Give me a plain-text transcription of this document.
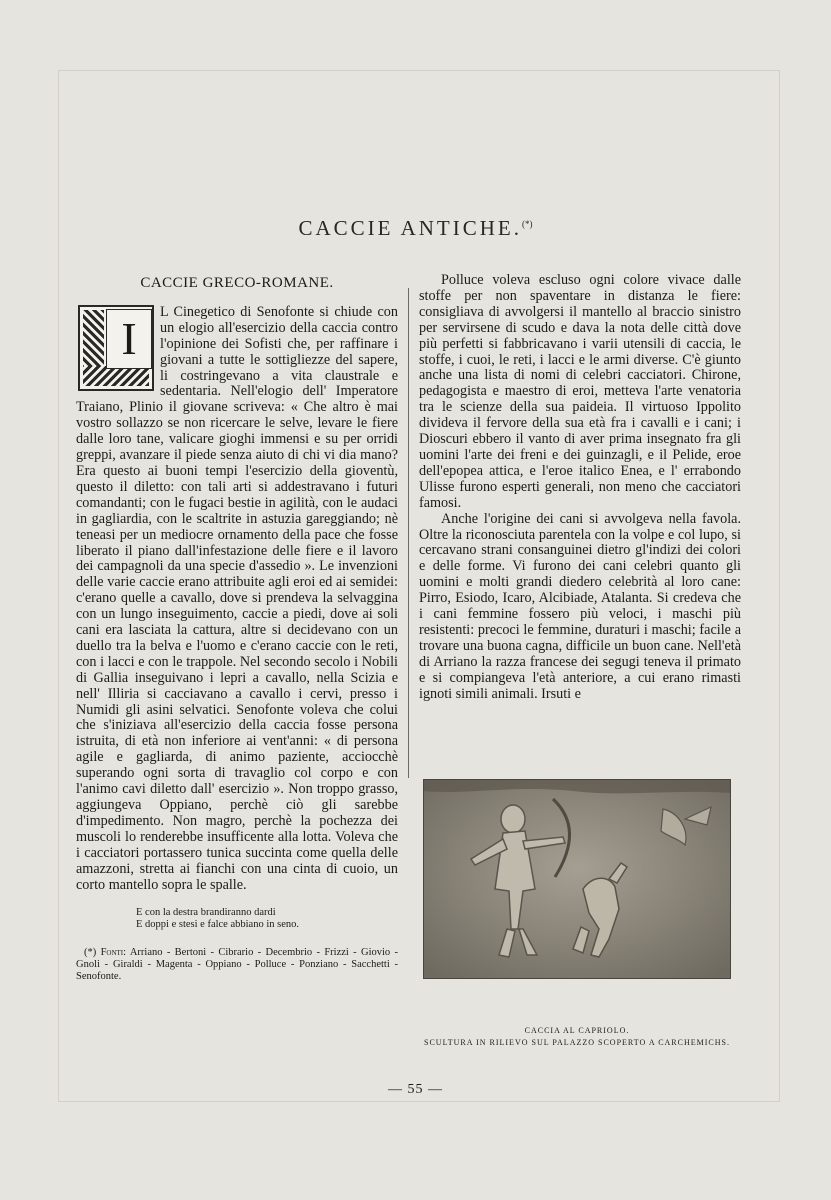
CACCIE ANTICHE.(*)
CACCIE GRECO-ROMANE.
I

L Cinegetico di Senofonte si chiude con un elogio all'esercizio della caccia contro l'opinione dei Sofisti che, per raffinare i giovani a tutte le sottigliezze del sapere, li costringevano a vita claustrale e sedentaria. Nell'elogio dell' Imperatore Traiano, Plinio il giovane scriveva: « Che altro è mai vostro sollazzo se non ricercare le selve, levare le fiere dalle loro tane, valicare gioghi immensi e su per orridi greppi, avanzare il piede senza aiuto di chi vi dia mano? Era questo ai buoni tempi l'esercizio della gioventù, questo il diletto: con tali arti si addestravano i futuri comandanti; con le fugaci bestie in agilità, con le audaci in gagliardia, con le scaltrite in astuzia gareggiando; nè teneasi per un mediocre ornamento della pace che fosse liberato il piano dall'infestazione delle fiere e il lavoro dei campagnoli da una specie d'assedio ». Le invenzioni delle varie caccie erano attribuite agli eroi ed ai semidei: c'erano quelle a cavallo, dove si prendeva la selvaggina con un lungo inseguimento, caccie a piedi, dove ai soli cani era lasciata la cattura, altre si decidevano con un duello tra la belva e l'uomo e c'erano caccie con le reti, con i lacci e con le trappole. Nel secondo secolo i Nobili di Gallia inseguivano i lepri a cavallo, nella Scizia e nell' Illiria si cacciavano a cavallo i cervi, presso i Numidi gli asini selvatici. Senofonte voleva che colui che s'iniziava all'esercizio della caccia fosse persona istruita, di età non inferiore ai vent'anni: « di persona agile e gagliarda, di animo paziente, acciocchè superando ogni sorta di travaglio col corpo e con l'animo cavi diletto dall' esercizio ». Non troppo grasso, aggiungeva Oppiano, perchè ciò gli sarebbe d'impedimento. Non magro, perchè la pochezza dei muscoli lo renderebbe insufficente alla lotta. Voleva che i cacciatori portassero tunica succinta come quella delle amazzoni, stretta ai fianchi con una cinta di cuoio, un corto mantello sopra le spalle.

E con la destra brandiranno dardi
E doppi e stesi e falce abbiano in seno.
(*) Fonti: Arriano - Bertoni - Cibrario - Decembrio - Frizzi - Giovio - Gnoli - Giraldi - Magenta - Oppiano - Polluce - Ponziano - Sacchetti - Senofonte.

Polluce voleva escluso ogni colore vivace dalle stoffe per non spaventare in distanza le fiere: consigliava di avvolgersi il mantello al braccio sinistro per servirsene di scudo e dava la nota delle città dove più perfetti si fabbricavano i varii utensili di caccia, le stoffe, i cuoi, le reti, i lacci e le armi diverse. C'è giunto anche una lista di nomi di celebri cacciatori. Chirone, pedagogista e maestro di eroi, metteva l'arte venatoria tra le scienze della sua paideia. Il virtuoso Ippolito divideva il fervore della sua età fra i cavalli e i cani; i Dioscuri ebbero il vanto di aver prima insegnato fra gli uomini l'arte dei freni e dei guinzagli, e il Pelide, eroe dell'epopea attica, e l'eroe italico Enea, e l' errabondo Ulisse furono esperti generali, non meno che cacciatori famosi.

Anche l'origine dei cani si avvolgeva nella favola. Oltre la riconosciuta parentela con la volpe e col lupo, si cercavano strani consanguinei dietro gl'indizi dei colori e delle forme. Vi furono dei cani celebri quanto gli uomini e molti grandi diedero celebrità al loro cane: Pirro, Esiodo, Icaro, Alcibiade, Atalanta. Si credeva che i cani femmine fossero più veloci, i maschi più resistenti: precoci le femmine, duraturi i maschi; facile a trovare una buona cagna, difficile un buon cane. Nell'età di Arriano la razza francese dei segugi teneva il primato e si compiangeva l'età anteriore, a cui erano rimasti ignoti simili animali. Irsuti e

CACCIA AL CAPRIOLO.
SCULTURA IN RILIEVO SUL PALAZZO SCOPERTO A CARCHEMICHS.
— 55 —
